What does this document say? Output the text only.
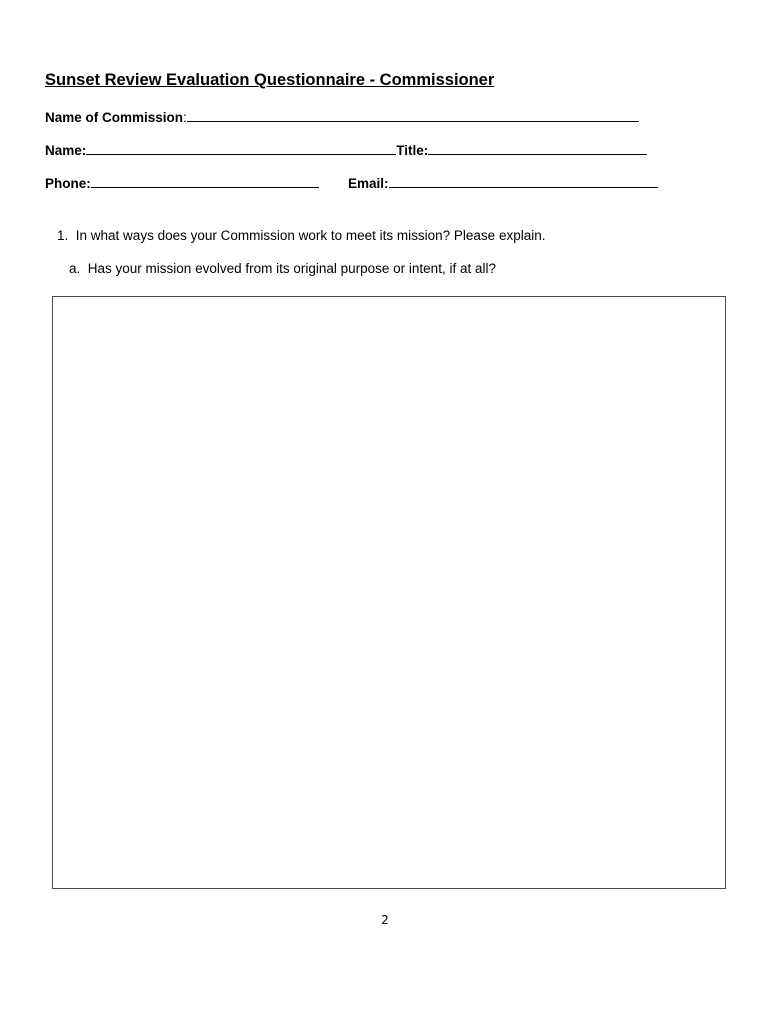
Sunset Review Evaluation Questionnaire - Commissioner
Name of Commission:
Name:	Title:
Phone:	Email:
1. In what ways does your Commission work to meet its mission? Please explain.
a. Has your mission evolved from its original purpose or intent, if at all?
2
